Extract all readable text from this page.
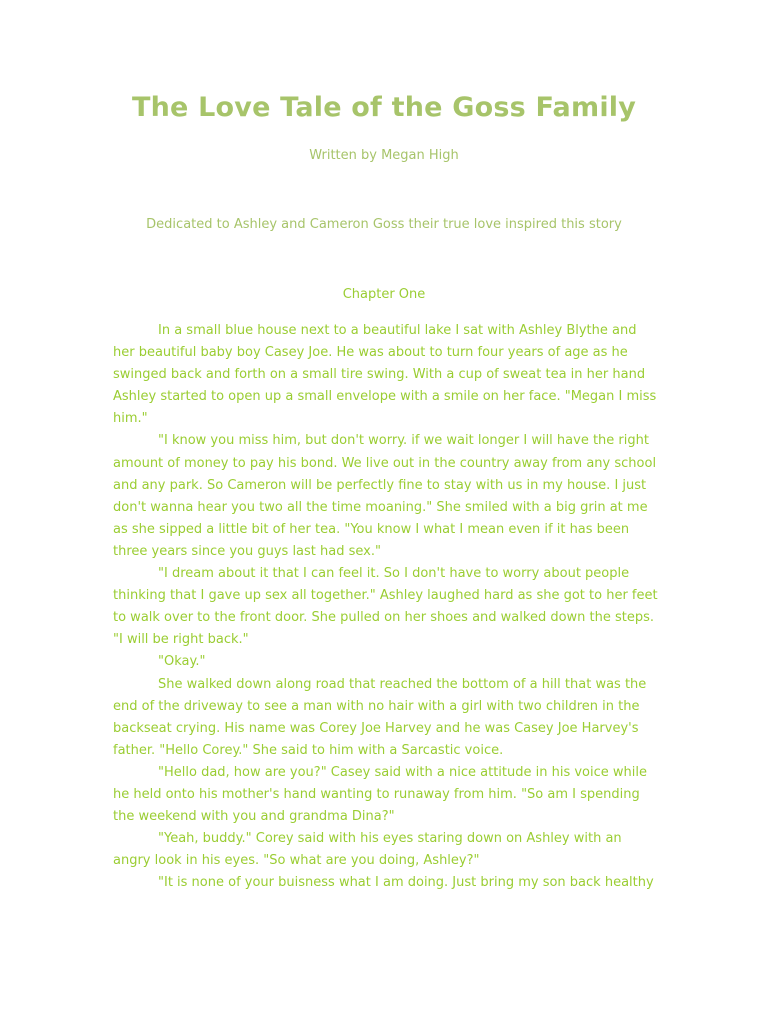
The Love Tale of the Goss Family
Written by Megan High
Dedicated to Ashley and Cameron Goss their true love inspired this story
Chapter One

In a small blue house next to a beautiful lake I sat with Ashley Blythe and her beautiful baby boy Casey Joe. He was about to turn four years of age as he swinged back and forth on a small tire swing. With a cup of sweat tea in her hand Ashley started to open up a small envelope with a smile on her face. "Megan I miss him."

"I know you miss him, but don't worry. if we wait longer I will have the right amount of money to pay his bond. We live out in the country away from any school and any park. So Cameron will be perfectly fine to stay with us in my house. I just don't wanna hear you two all the time moaning." She smiled with a big grin at me as she sipped a little bit of her tea. "You know I what I mean even if it has been three years since you guys last had sex."

"I dream about it that I can feel it. So I don't have to worry about people thinking that I gave up sex all together." Ashley laughed hard as she got to her feet to walk over to the front door. She pulled on her shoes and walked down the steps. "I will be right back."

"Okay."

She walked down along road that reached the bottom of a hill that was the end of the driveway to see a man with no hair with a girl with two children in the backseat crying. His name was Corey Joe Harvey and he was Casey Joe Harvey's father. "Hello Corey." She said to him with a Sarcastic voice.

"Hello dad, how are you?" Casey said with a nice attitude in his voice while he held onto his mother's hand wanting to runaway from him. "So am I spending the weekend with you and grandma Dina?"

"Yeah, buddy." Corey said with his eyes staring down on Ashley with an angry look in his eyes. "So what are you doing, Ashley?"

"It is none of your buisness what I am doing. Just bring my son back healthy
